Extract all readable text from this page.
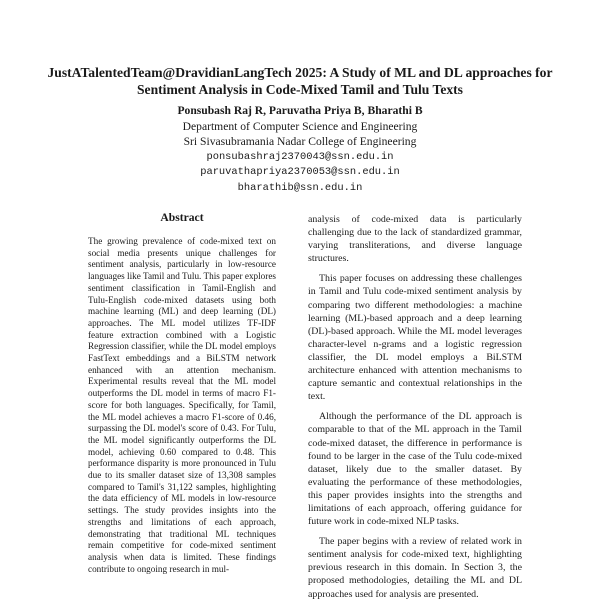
JustATalentedTeam@DravidianLangTech 2025: A Study of ML and DL approaches for Sentiment Analysis in Code-Mixed Tamil and Tulu Texts
Ponsubash Raj R, Paruvatha Priya B, Bharathi B
Department of Computer Science and Engineering
Sri Sivasubramania Nadar College of Engineering
ponsubashraj2370043@ssn.edu.in
paruvathapriya2370053@ssn.edu.in
bharathib@ssn.edu.in
Abstract
The growing prevalence of code-mixed text on social media presents unique challenges for sentiment analysis, particularly in low-resource languages like Tamil and Tulu. This paper explores sentiment classification in Tamil-English and Tulu-English code-mixed datasets using both machine learning (ML) and deep learning (DL) approaches. The ML model utilizes TF-IDF feature extraction combined with a Logistic Regression classifier, while the DL model employs FastText embeddings and a BiLSTM network enhanced with an attention mechanism. Experimental results reveal that the ML model outperforms the DL model in terms of macro F1-score for both languages. Specifically, for Tamil, the ML model achieves a macro F1-score of 0.46, surpassing the DL model's score of 0.43. For Tulu, the ML model significantly outperforms the DL model, achieving 0.60 compared to 0.48. This performance disparity is more pronounced in Tulu due to its smaller dataset size of 13,308 samples compared to Tamil's 31,122 samples, highlighting the data efficiency of ML models in low-resource settings. The study provides insights into the strengths and limitations of each approach, demonstrating that traditional ML techniques remain competitive for code-mixed sentiment analysis when data is limited. These findings contribute to ongoing research in mul-

analysis of code-mixed data is particularly challenging due to the lack of standardized grammar, varying transliterations, and diverse language structures.

This paper focuses on addressing these challenges in Tamil and Tulu code-mixed sentiment analysis by comparing two different methodologies: a machine learning (ML)-based approach and a deep learning (DL)-based approach. While the ML model leverages character-level n-grams and a logistic regression classifier, the DL model employs a BiLSTM architecture enhanced with attention mechanisms to capture semantic and contextual relationships in the text.

Although the performance of the DL approach is comparable to that of the ML approach in the Tamil code-mixed dataset, the difference in performance is found to be larger in the case of the Tulu code-mixed dataset, likely due to the smaller dataset. By evaluating the performance of these methodologies, this paper provides insights into the strengths and limitations of each approach, offering guidance for future work in code-mixed NLP tasks.

The paper begins with a review of related work in sentiment analysis for code-mixed text, highlighting previous research in this domain. In Section 3, the proposed methodologies, detailing the ML and DL approaches used for analysis are presented.
